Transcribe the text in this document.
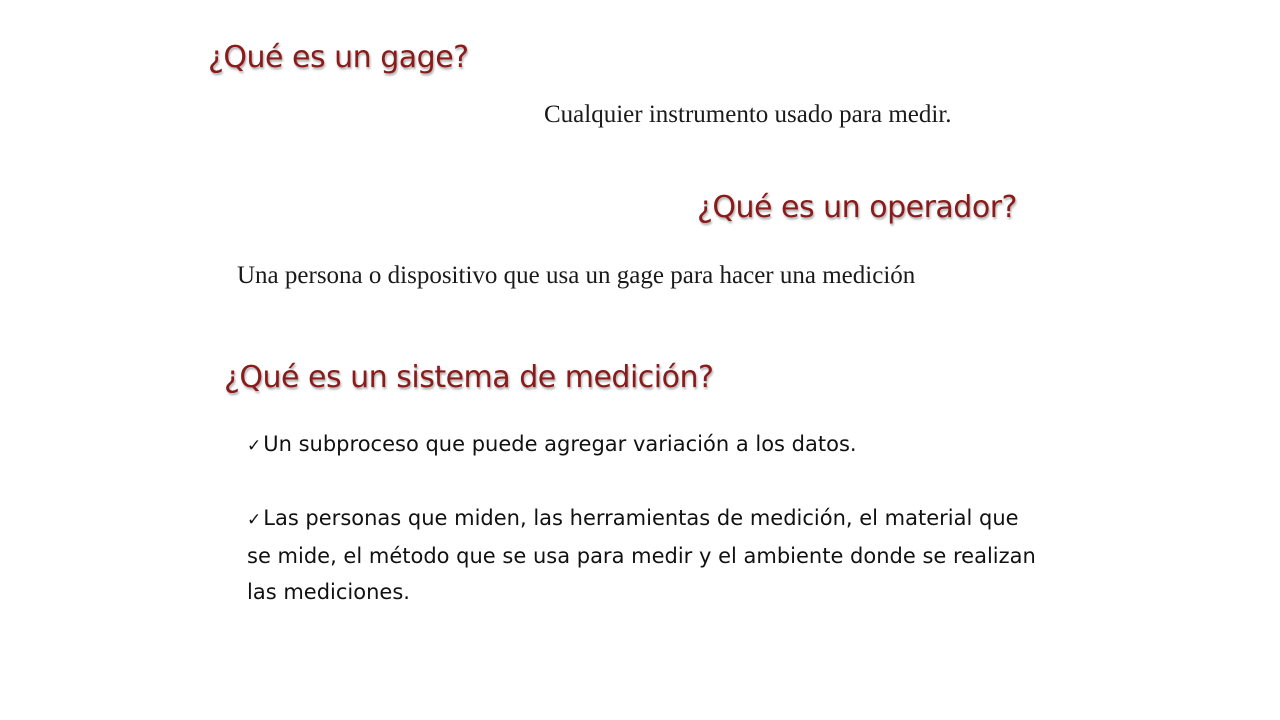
¿Qué es un gage?

Cualquier instrumento usado para medir.

¿Qué es un operador?

Una persona o dispositivo que usa un gage para hacer una medición

¿Qué es un sistema de medición?
✓Un subproceso que puede agregar variación a los datos.
✓Las personas que miden, las herramientas de medición, el material que se mide, el método que se usa para medir y el ambiente donde se realizan las mediciones.
